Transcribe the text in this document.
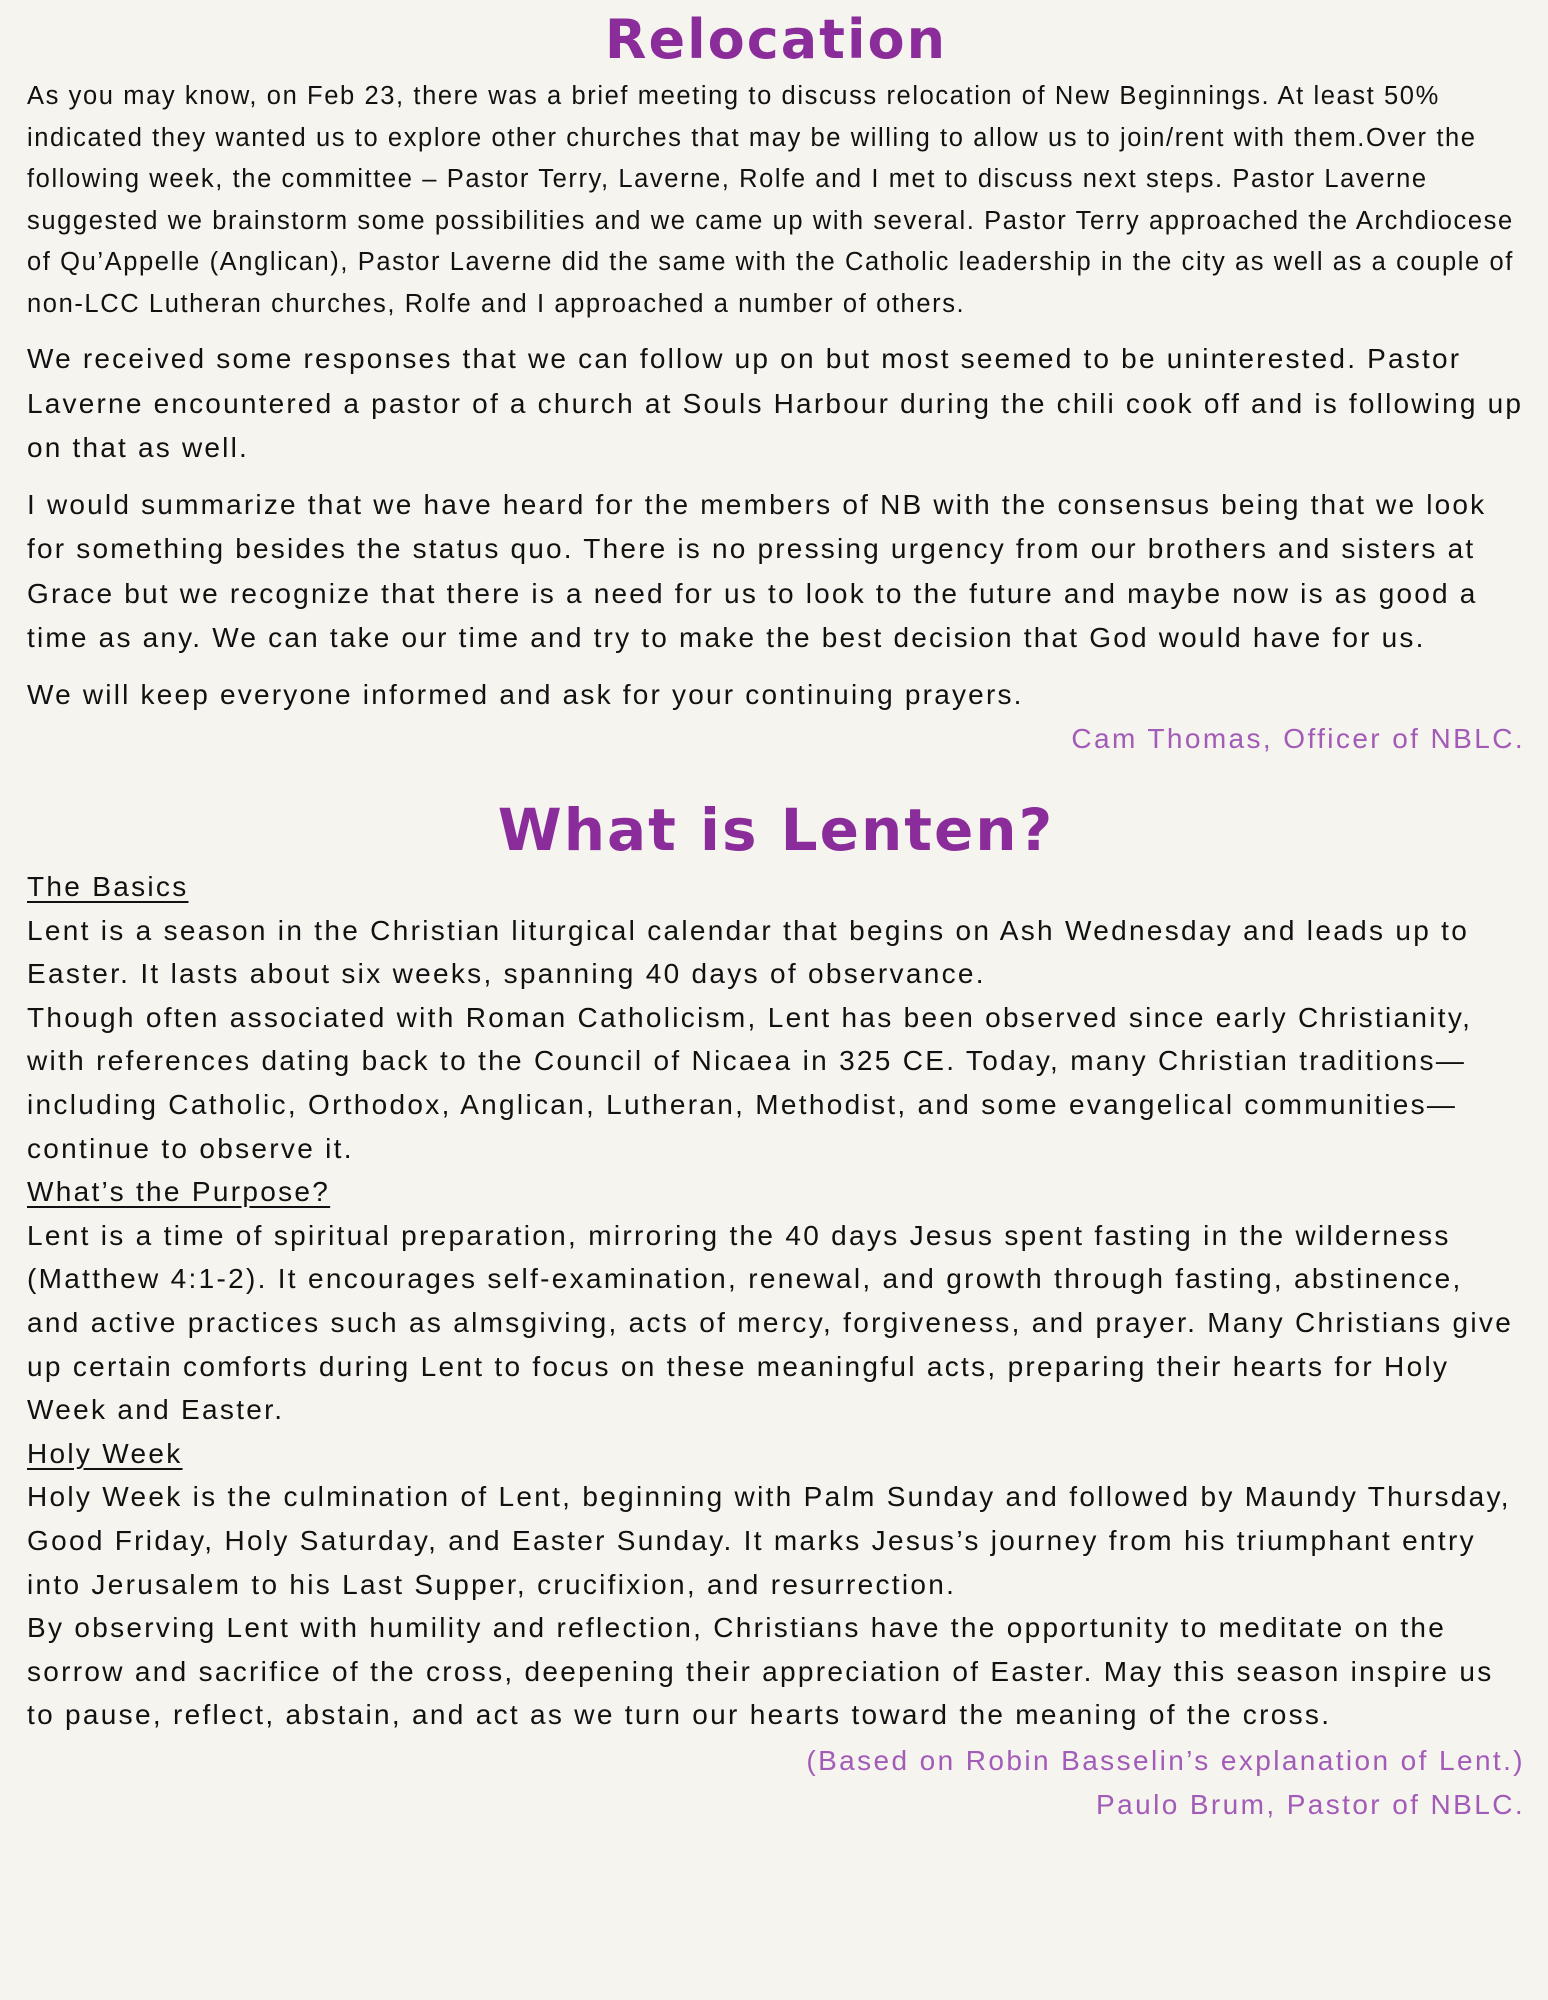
Relocation

As you may know, on Feb 23, there was a brief meeting to discuss relocation of New Beginnings. At least 50% indicated they wanted us to explore other churches that may be willing to allow us to join/rent with them.Over the following week, the committee – Pastor Terry, Laverne, Rolfe and I met to discuss next steps. Pastor Laverne suggested we brainstorm some possibilities and we came up with several. Pastor Terry approached the Archdiocese of Qu’Appelle (Anglican), Pastor Laverne did the same with the Catholic leadership in the city as well as a couple of non-LCC Lutheran churches, Rolfe and I approached a number of others.

We received some responses that we can follow up on but most seemed to be uninterested. Pastor Laverne encountered a pastor of a church at Souls Harbour during the chili cook off and is following up on that as well.

I would summarize that we have heard for the members of NB with the consensus being that we look for something besides the status quo. There is no pressing urgency from our brothers and sisters at Grace but we recognize that there is a need for us to look to the future and maybe now is as good a time as any. We can take our time and try to make the best decision that God would have for us.

We will keep everyone informed and ask for your continuing prayers.

Cam Thomas, Officer of NBLC.

What is Lenten?

The Basics

Lent is a season in the Christian liturgical calendar that begins on Ash Wednesday and leads up to Easter. It lasts about six weeks, spanning 40 days of observance.

Though often associated with Roman Catholicism, Lent has been observed since early Christianity, with references dating back to the Council of Nicaea in 325 CE. Today, many Christian traditions—including Catholic, Orthodox, Anglican, Lutheran, Methodist, and some evangelical communities—continue to observe it.

What’s the Purpose?

Lent is a time of spiritual preparation, mirroring the 40 days Jesus spent fasting in the wilderness (Matthew 4:1-2). It encourages self-examination, renewal, and growth through fasting, abstinence, and active practices such as almsgiving, acts of mercy, forgiveness, and prayer. Many Christians give up certain comforts during Lent to focus on these meaningful acts, preparing their hearts for Holy Week and Easter.

Holy Week

Holy Week is the culmination of Lent, beginning with Palm Sunday and followed by Maundy Thursday, Good Friday, Holy Saturday, and Easter Sunday. It marks Jesus’s journey from his triumphant entry into Jerusalem to his Last Supper, crucifixion, and resurrection.

By observing Lent with humility and reflection, Christians have the opportunity to meditate on the sorrow and sacrifice of the cross, deepening their appreciation of Easter. May this season inspire us to pause, reflect, abstain, and act as we turn our hearts toward the meaning of the cross.

(Based on Robin Basselin’s explanation of Lent.)

Paulo Brum, Pastor of NBLC.
